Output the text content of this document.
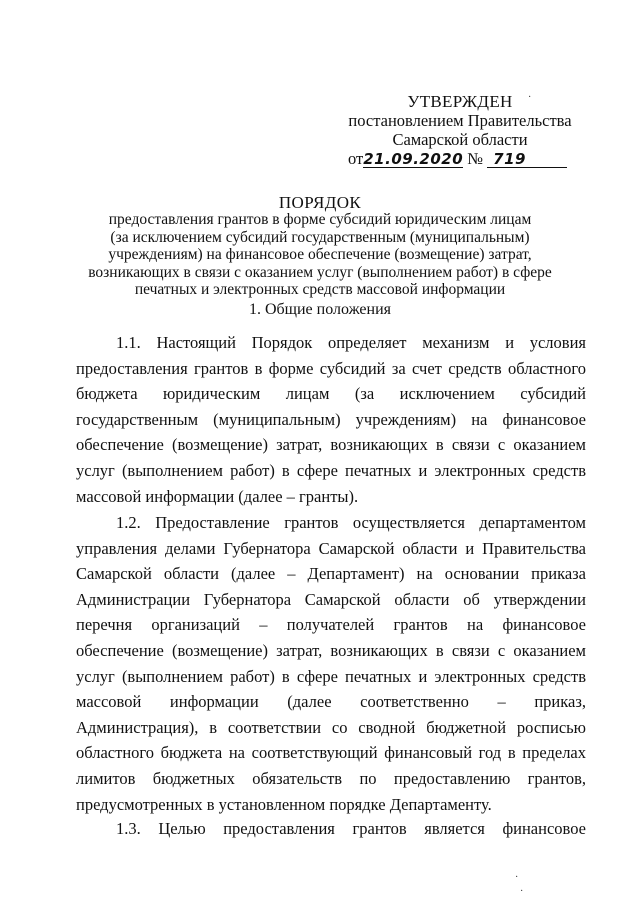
УТВЕРЖДЕН
постановлением Правительства
Самарской области
от21.09.2020 № 719
ПОРЯДОК
предоставления грантов в форме субсидий юридическим лицам
(за исключением субсидий государственным (муниципальным)
учреждениям) на финансовое обеспечение (возмещение) затрат,
возникающих в связи с оказанием услуг (выполнением работ) в сфере
печатных и электронных средств массовой информации
1. Общие положения

1.1. Настоящий Порядок определяет механизм и условия предоставления грантов в форме субсидий за счет средств областного бюджета юридическим лицам (за исключением субсидий государственным (муниципальным) учреждениям) на финансовое обеспечение (возмещение) затрат, возникающих в связи с оказанием услуг (выполнением работ) в сфере печатных и электронных средств массовой информации (далее – гранты).

1.2. Предоставление грантов осуществляется департаментом управления делами Губернатора Самарской области и Правительства Самарской области (далее – Департамент) на основании приказа Администрации Губернатора Самарской области об утверждении перечня организаций – получателей грантов на финансовое обеспечение (возмещение) затрат, возникающих в связи с оказанием услуг (выполнением работ) в сфере печатных и электронных средств массовой информации (далее соответственно – приказ, Администрация), в соответствии со сводной бюджетной росписью областного бюджета на соответствующий финансовый год в пределах лимитов бюджетных обязательств по предоставлению грантов, предусмотренных в установленном порядке Департаменту.

1.3. Целью предоставления грантов является финансовое

·
·
·
